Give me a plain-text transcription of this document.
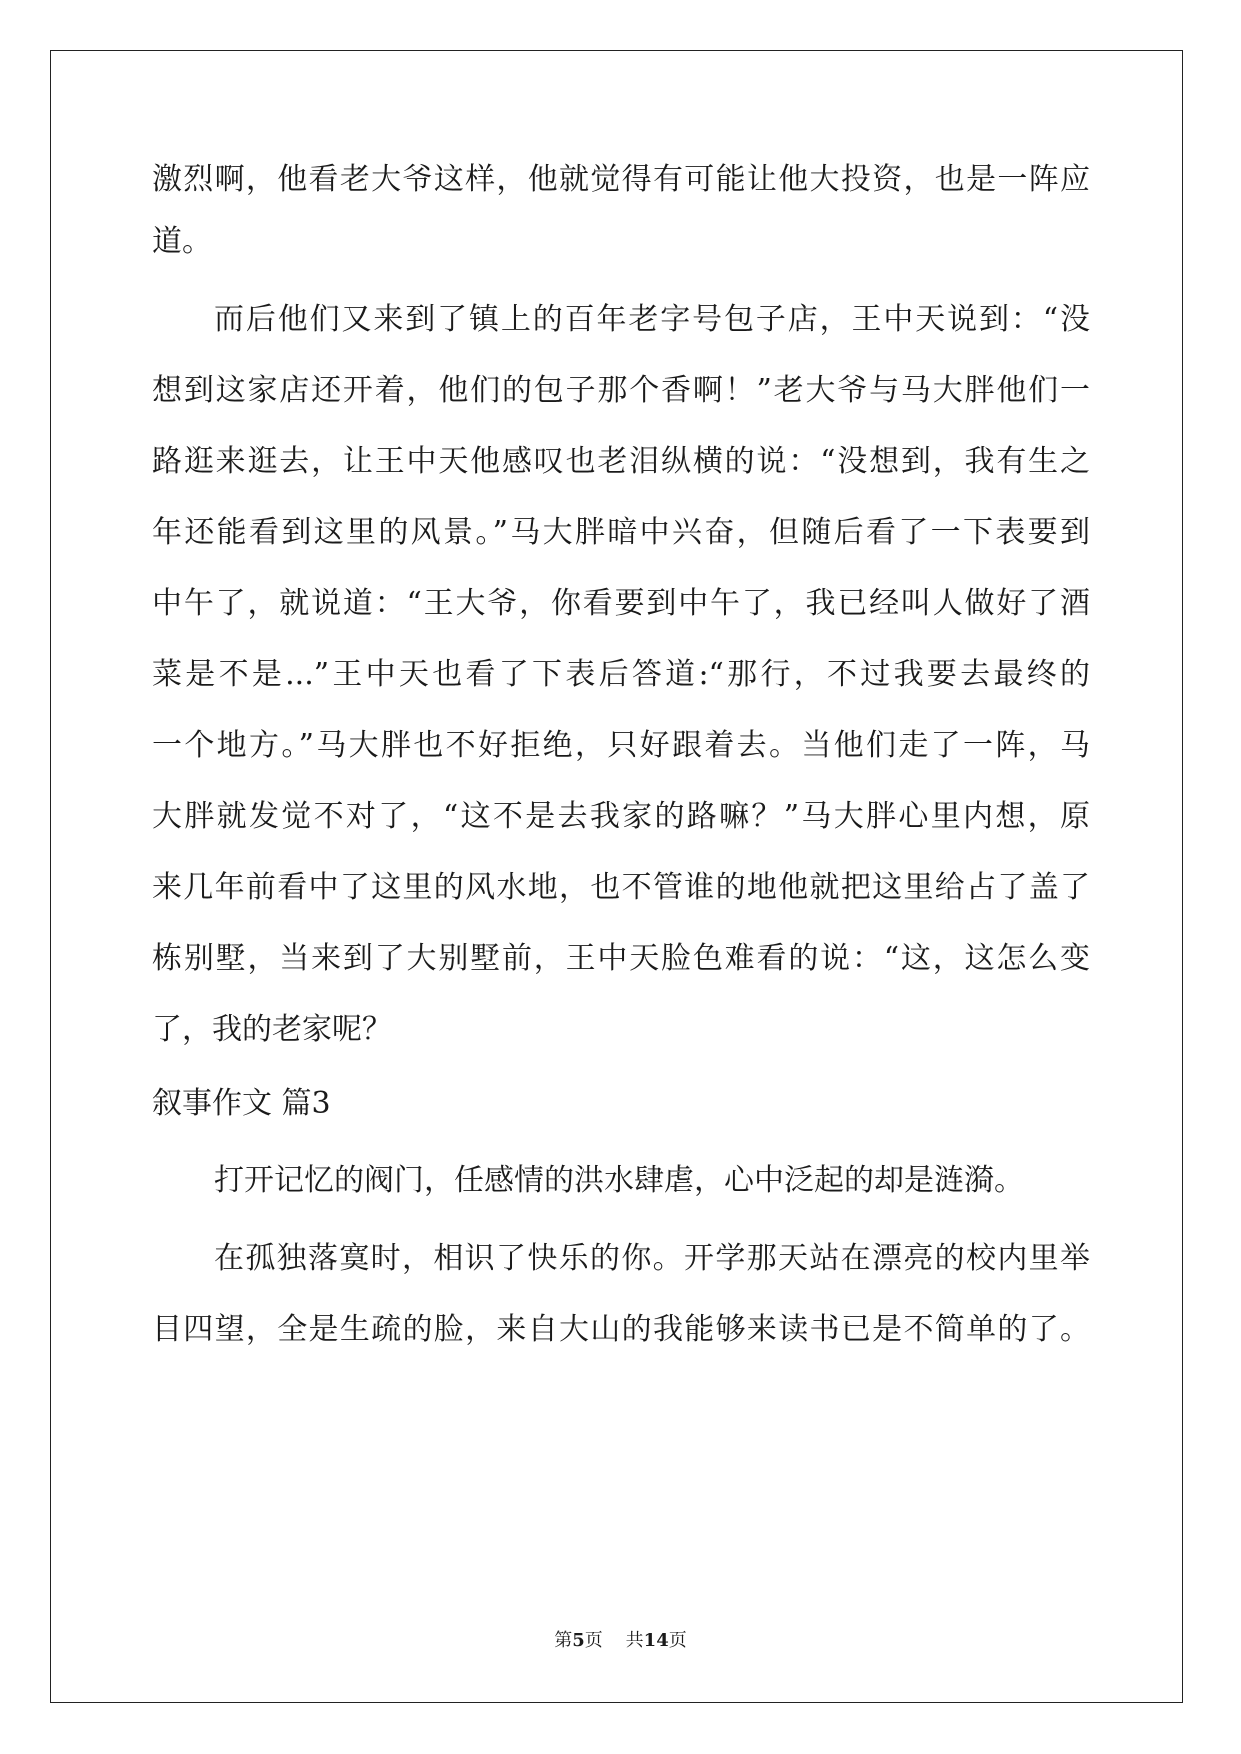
激烈啊，他看老大爷这样，他就觉得有可能让他大投资，也是一阵应
道。
而后他们又来到了镇上的百年老字号包子店，王中天说到：“没
想到这家店还开着，他们的包子那个香啊！”老大爷与马大胖他们一
路逛来逛去，让王中天他感叹也老泪纵横的说：“没想到，我有生之
年还能看到这里的风景。”马大胖暗中兴奋，但随后看了一下表要到
中午了，就说道：“王大爷，你看要到中午了，我已经叫人做好了酒
菜是不是...”王中天也看了下表后答道:“那行，不过我要去最终的
一个地方。”马大胖也不好拒绝，只好跟着去。当他们走了一阵，马
大胖就发觉不对了，“这不是去我家的路嘛？”马大胖心里内想，原
来几年前看中了这里的风水地，也不管谁的地他就把这里给占了盖了
栋别墅，当来到了大别墅前，王中天脸色难看的说：“这，这怎么变
了，我的老家呢？
叙事作文 篇3
打开记忆的阀门，任感情的洪水肆虐，心中泛起的却是涟漪。
在孤独落寞时，相识了快乐的你。开学那天站在漂亮的校内里举
目四望，全是生疏的脸，来自大山的我能够来读书已是不简单的了。
第5页 共14页
